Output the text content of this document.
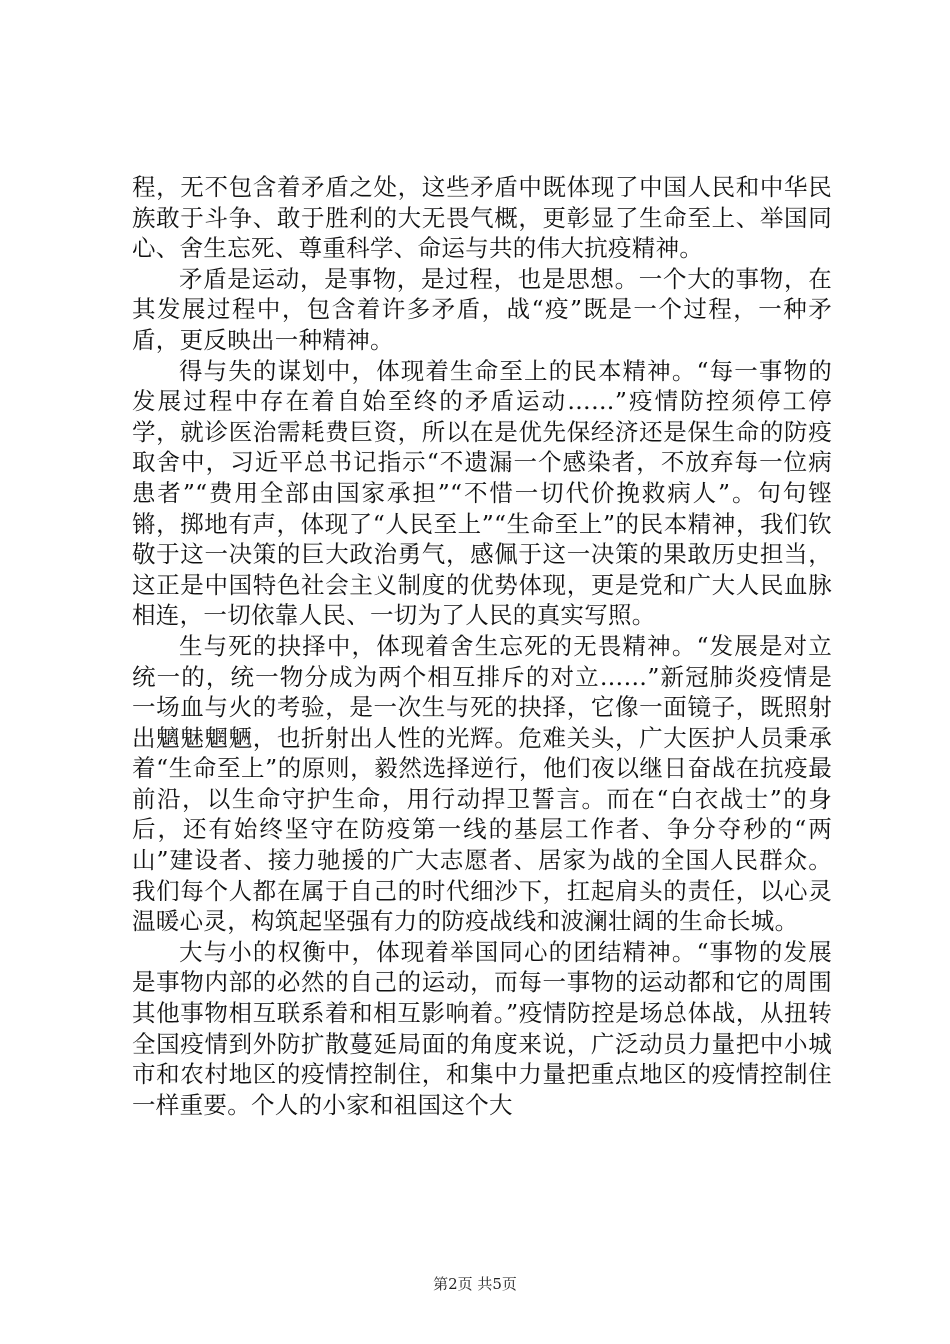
程，无不包含着矛盾之处，这些矛盾中既体现了中国人民和中华民族敢于斗争、敢于胜利的大无畏气概，更彰显了生命至上、举国同心、舍生忘死、尊重科学、命运与共的伟大抗疫精神。

矛盾是运动，是事物，是过程，也是思想。一个大的事物，在其发展过程中，包含着许多矛盾，战“疫”既是一个过程，一种矛盾，更反映出一种精神。

得与失的谋划中，体现着生命至上的民本精神。“每一事物的发展过程中存在着自始至终的矛盾运动……”疫情防控须停工停学，就诊医治需耗费巨资，所以在是优先保经济还是保生命的防疫取舍中，习近平总书记指示“不遗漏一个感染者，不放弃每一位病患者”“费用全部由国家承担”“不惜一切代价挽救病人”。句句铿锵，掷地有声，体现了“人民至上”“生命至上”的民本精神，我们钦敬于这一决策的巨大政治勇气，感佩于这一决策的果敢历史担当，这正是中国特色社会主义制度的优势体现，更是党和广大人民血脉相连，一切依靠人民、一切为了人民的真实写照。

生与死的抉择中，体现着舍生忘死的无畏精神。“发展是对立统一的，统一物分成为两个相互排斥的对立……”新冠肺炎疫情是一场血与火的考验，是一次生与死的抉择，它像一面镜子，既照射出魑魅魍魉，也折射出人性的光辉。危难关头，广大医护人员秉承着“生命至上”的原则，毅然选择逆行，他们夜以继日奋战在抗疫最前沿，以生命守护生命，用行动捍卫誓言。而在“白衣战士”的身后，还有始终坚守在防疫第一线的基层工作者、争分夺秒的“两山”建设者、接力驰援的广大志愿者、居家为战的全国人民群众。我们每个人都在属于自己的时代细沙下，扛起肩头的责任，以心灵温暖心灵，构筑起坚强有力的防疫战线和波澜壮阔的生命长城。

大与小的权衡中，体现着举国同心的团结精神。“事物的发展是事物内部的必然的自己的运动，而每一事物的运动都和它的周围其他事物相互联系着和相互影响着。”疫情防控是场总体战，从扭转全国疫情到外防扩散蔓延局面的角度来说，广泛动员力量把中小城市和农村地区的疫情控制住，和集中力量把重点地区的疫情控制住一样重要。个人的小家和祖国这个大

第2页 共5页
